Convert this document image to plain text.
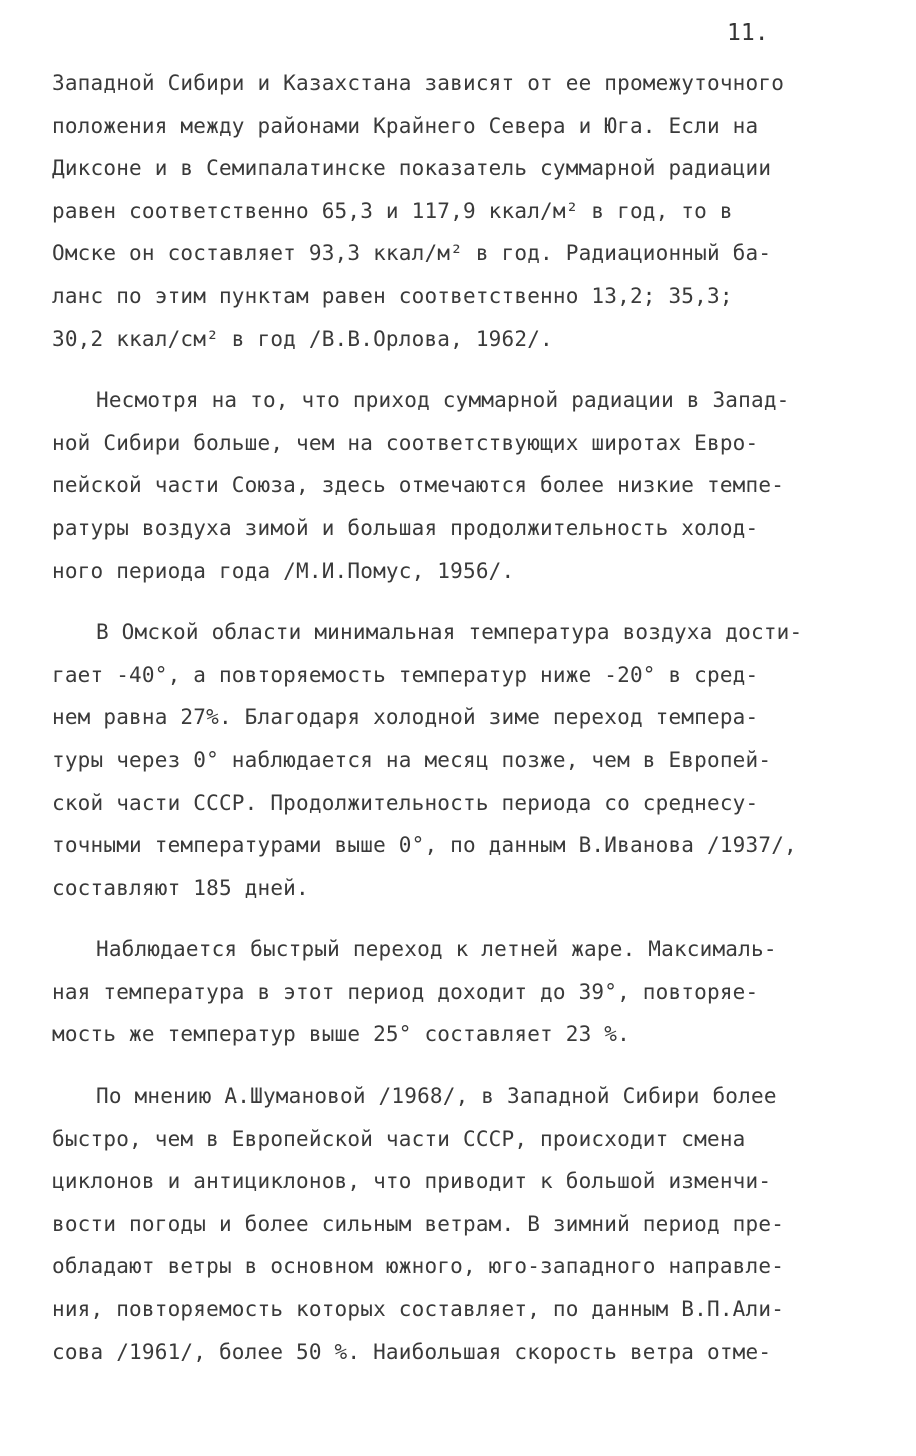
11.
Западной Сибири и Казахстана зависят от ее промежуточного
положения между районами Крайнего Севера и Юга. Если на
Диксоне и в Семипалатинске показатель суммарной радиации
равен соответственно 65,3 и 117,9 ккал/м² в год, то в
Омске он составляет 93,3 ккал/м² в год. Радиационный ба-
ланс по этим пунктам равен соответственно 13,2; 35,3;
30,2 ккал/см² в год /В.В.Орлова, 1962/.
Несмотря на то, что приход суммарной радиации в Запад-
ной Сибири больше, чем на соответствующих широтах Евро-
пейской части Союза, здесь отмечаются более низкие темпе-
ратуры воздуха зимой и большая продолжительность холод-
ного периода года /М.И.Помус, 1956/.
В Омской области минимальная температура воздуха дости-
гает -40°, а повторяемость температур ниже -20° в сред-
нем равна 27%. Благодаря холодной зиме переход темпера-
туры через 0° наблюдается на месяц позже, чем в Европей-
ской части СССР. Продолжительность периода со среднесу-
точными температурами выше 0°, по данным В.Иванова /1937/,
составляют 185 дней.
Наблюдается быстрый переход к летней жаре. Максималь-
ная температура в этот период доходит до 39°, повторяе-
мость же температур выше 25° составляет 23 %.
По мнению А.Шумановой /1968/, в Западной Сибири более
быстро, чем в Европейской части СССР, происходит смена
циклонов и антициклонов, что приводит к большой изменчи-
вости погоды и более сильным ветрам. В зимний период пре-
обладают ветры в основном южного, юго-западного направле-
ния, повторяемость которых составляет, по данным В.П.Али-
сова /1961/, более 50 %. Наибольшая скорость ветра отме-
